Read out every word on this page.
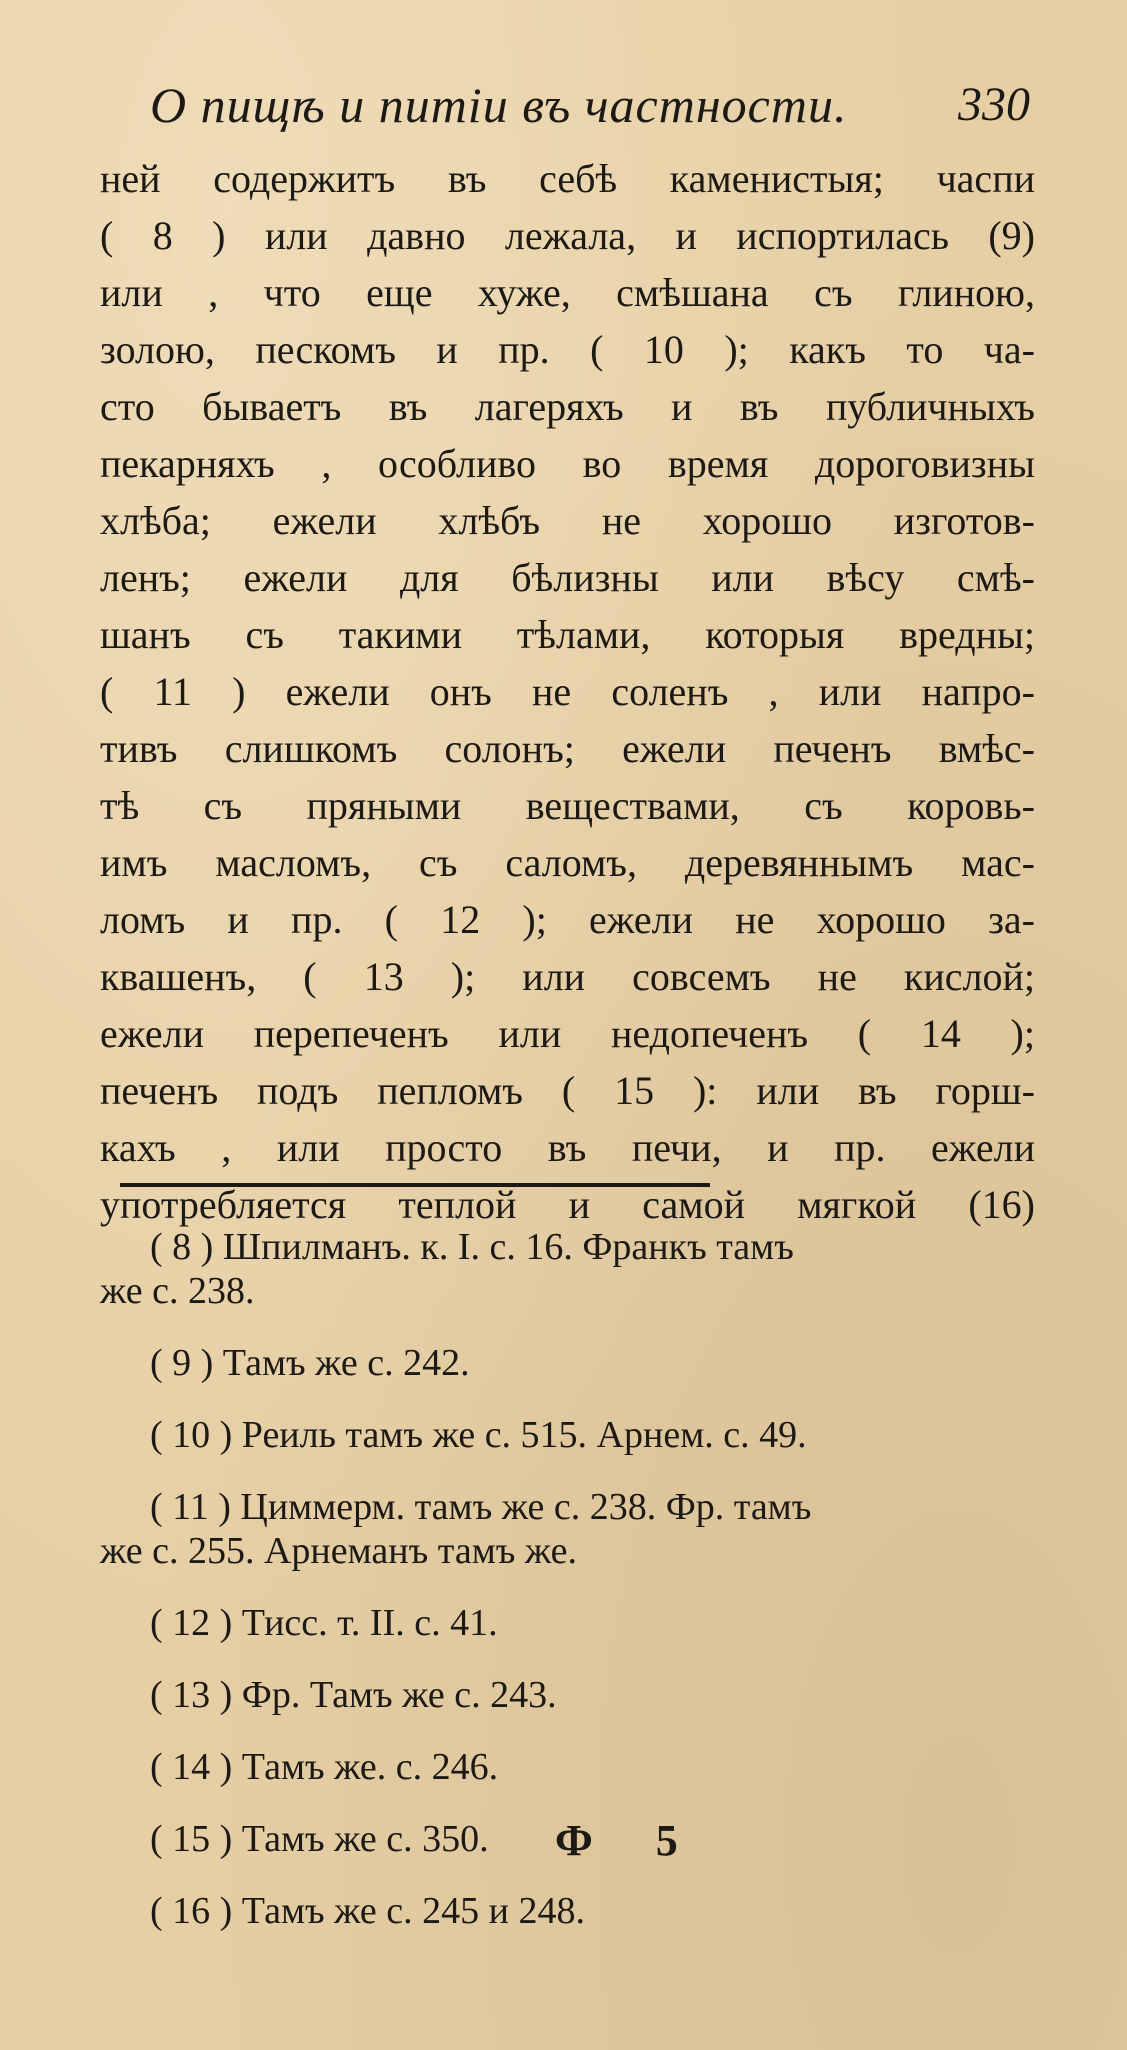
О пищѣ и питіи въ частности. 330
ней содержитъ въ себѣ каменистыя; часпи
( 8 ) или давно лежала, и испортилась (9)
или , что еще хуже, смѣшана съ глиною,
золою, пескомъ и пр. ( 10 ); какъ то ча-
сто бываетъ въ лагеряхъ и въ публичныхъ
пекарняхъ , особливо во время дороговизны
хлѣба; ежели хлѣбъ не хорошо изготов-
ленъ; ежели для бѣлизны или вѣсу смѣ-
шанъ съ такими тѣлами, которыя вредны;
( 11 ) ежели онъ не соленъ , или напро-
тивъ слишкомъ солонъ; ежели печенъ вмѣс-
тѣ съ пряными веществами, съ коровь-
имъ масломъ, съ саломъ, деревяннымъ мас-
ломъ и пр. ( 12 ); ежели не хорошо за-
квашенъ, ( 13 ); или совсемъ не кислой;
ежели перепеченъ или недопеченъ ( 14 );
печенъ подъ пепломъ ( 15 ): или въ горш-
кахъ , или просто въ печи, и пр. ежели
употребляется теплой и самой мягкой (16)
( 8 ) Шпилманъ. к. I. с. 16. Франкъ тамъ
же с. 238.
( 9 ) Тамъ же с. 242.
( 10 ) Реиль тамъ же с. 515. Арнем. с. 49.
( 11 ) Циммерм. тамъ же с. 238. Фр. тамъ
же с. 255. Арнеманъ тамъ же.
( 12 ) Тисс. т. II. с. 41.
( 13 ) Фр. Тамъ же с. 243.
( 14 ) Тамъ же. с. 246.
( 15 ) Тамъ же с. 350.
( 16 ) Тамъ же с. 245 и 248.
Ф 5
